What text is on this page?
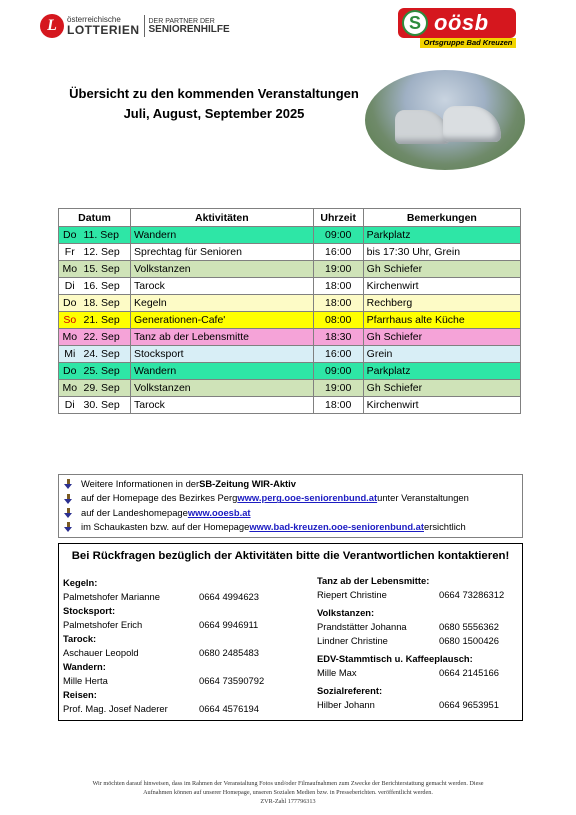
L	österreichische
LOTTERIEN
DER PARTNER DER
SENIORENHILFE	S oösb
Ortsgruppe Bad Kreuzen
Übersicht zu den kommenden Veranstaltungen
Juli, August, September 2025
Datum		Aktivitäten	Uhrzeit	Bemerkungen
Do	11. Sep	Wandern	09:00	Parkplatz
Fr	12. Sep	Sprechtag für Senioren	16:00	bis 17:30 Uhr, Grein
Mo	15. Sep	Volkstanzen	19:00	Gh Schiefer
Di	16. Sep	Tarock	18:00	Kirchenwirt
Do	18. Sep	Kegeln	18:00	Rechberg
So	21. Sep	Generationen-Cafe'	08:00	Pfarrhaus alte Küche
Mo	22. Sep	Tanz ab der Lebensmitte	18:30	Gh Schiefer
Mi	24. Sep	Stocksport	16:00	Grein
Do	25. Sep	Wandern	09:00	Parkplatz
Mo	29. Sep	Volkstanzen	19:00	Gh Schiefer
Di	30. Sep	Tarock	18:00	Kirchenwirt
Weitere Informationen in der SB-Zeitung WIR-Aktiv
auf der Homepage des Bezirkes Perg www.perg.ooe-seniorenbund.at unter Veranstaltungen
auf der Landeshomepage www.ooesb.at
im Schaukasten bzw. auf der Homepage www.bad-kreuzen.ooe-seniorenbund.at ersichtlich
Bei Rückfragen bezüglich der Aktivitäten bitte die Verantwortlichen kontaktieren!
Kegeln:
Palmetshofer Marianne	0664 4994623
Stocksport:
Palmetshofer Erich	0664 9946911
Tarock:
Aschauer Leopold	0680 2485483
Wandern:
Mille Herta	0664 73590792
Reisen:
Prof. Mag. Josef Naderer	0664 4576194
Tanz ab der Lebensmitte:
Riepert Christine	0664 73286312
Volkstanzen:
Prandstätter Johanna	0680 5556362
Lindner Christine	0680 1500426
EDV-Stammtisch u. Kaffeeplausch:
Mille Max	0664 2145166
Sozialreferent:
Hilber Johann	0664 9653951
Wir möchten darauf hinweisen, dass im Rahmen der Veranstaltung Fotos und/oder Filmaufnahmen zum Zwecke der Berichterstattung gemacht werden. Diese
Aufnahmen können auf unserer Homepage, unseren Sozialen Medien bzw. in Presseberichten. veröffentlicht werden.
ZVR-Zahl 177796313
